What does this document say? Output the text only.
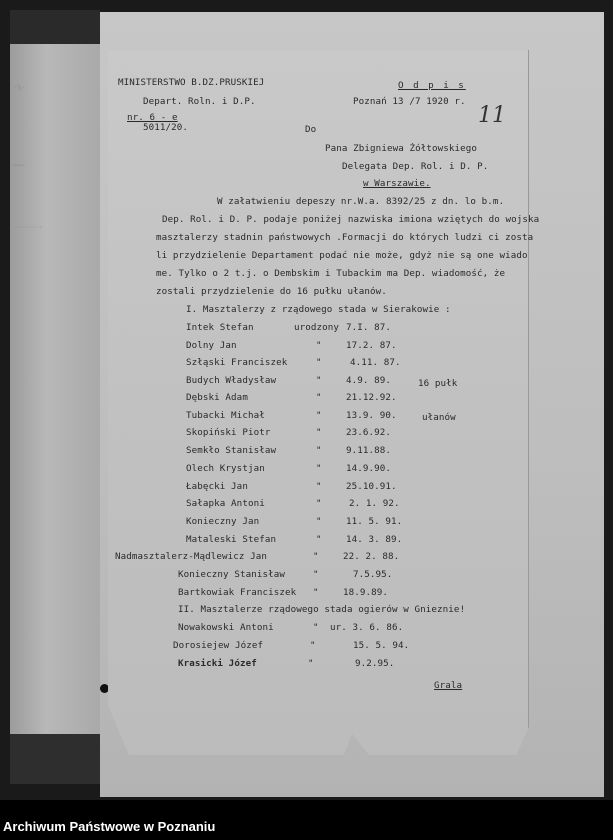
·/·
———
········
MINISTERSTWO B.DZ.PRUSKIEJ
Depart. Roln. i D.P.
nr. 6 - e
5011/20.
O d p i s
Poznań 13 /7 1920 r.
11
Do
Pana Zbigniewa Żółtowskiego
Delegata Dep. Rol. i D. P.
w Warszawie.
W załatwieniu depeszy nr.W.a. 8392/25 z dn. lo b.m.
Dep. Rol. i D. P. podaje poniżej nazwiska imiona wziętych do wojska
masztalerzy stadnin państwowych .Formacji do których ludzi ci zosta
li przydzielenie Departament podać nie może, gdyż nie są one wiado
me. Tylko o 2 t.j. o Dembskim i Tubackim ma Dep. wiadomość, że
zostali przydzielenie do 16 pułku ułanów.
I. Masztalerzy z rządowego stada w Sierakowie :
Intek Stefan	urodzony 7.I. 87.
Dolny Jan	"	17.2. 87.
Szłąski Franciszek	"	4.11. 87.
Budych Władysław	"	4.9. 89.
Dębski Adam	"	21.12.92.
Tubacki Michał	"	13.9. 90.
Skopiński Piotr	"	23.6.92.
Semkło Stanisław	"	9.11.88.
Olech Krystjan	"	14.9.90.
Łabęcki Jan	"	25.10.91.
Sałapka Antoni	"	2. 1. 92.
Konieczny Jan	"	11. 5. 91.
Mataleski Stefan	"	14. 3. 89.
Nadmasztalerz-Mądlewicz Jan	"	22. 2. 88.
Konieczny Stanisław	"	7.5.95.
Bartkowiak Franciszek "	18.9.89.
16 pułk
ułanów
II. Masztalerze rządowego stada ogierów w Gnieznie!
Nowakowski Antoni	" ur. 3. 6. 86.
Dorosiejew Józef	"	15. 5. 94.
Krasicki Józef	"	9.2.95.
Grala
Archiwum Państwowe w Poznaniu
